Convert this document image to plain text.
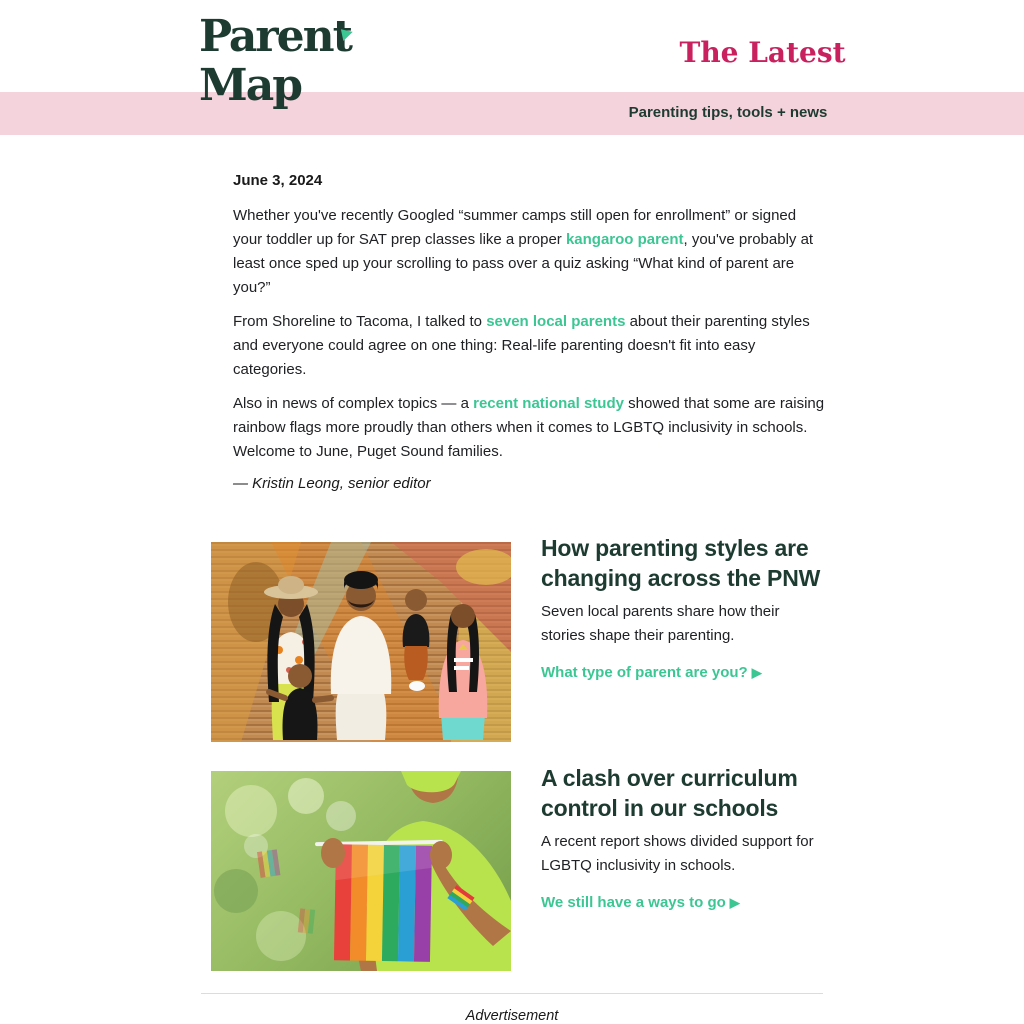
Parent
Map
The Latest
Parenting tips, tools + news

June 3, 2024

Whether you've recently Googled “summer camps still open for enrollment” or signed your toddler up for SAT prep classes like a proper kangaroo parent, you've probably at least once sped up your scrolling to pass over a quiz asking “What kind of parent are you?”

From Shoreline to Tacoma, I talked to seven local parents about their parenting styles and everyone could agree on one thing: Real-life parenting doesn't fit into easy categories.

Also in news of complex topics — a recent national study showed that some are raising rainbow flags more proudly than others when it comes to LGBTQ inclusivity in schools. Welcome to June, Puget Sound families.

— Kristin Leong, senior editor

How parenting styles are changing across the PNW

Seven local parents share how their stories shape their parenting.

What type of parent are you? ▶
A clash over curriculum control in our schools

A recent report shows divided support for LGBTQ inclusivity in schools.

We still have a ways to go ▶

Advertisement
